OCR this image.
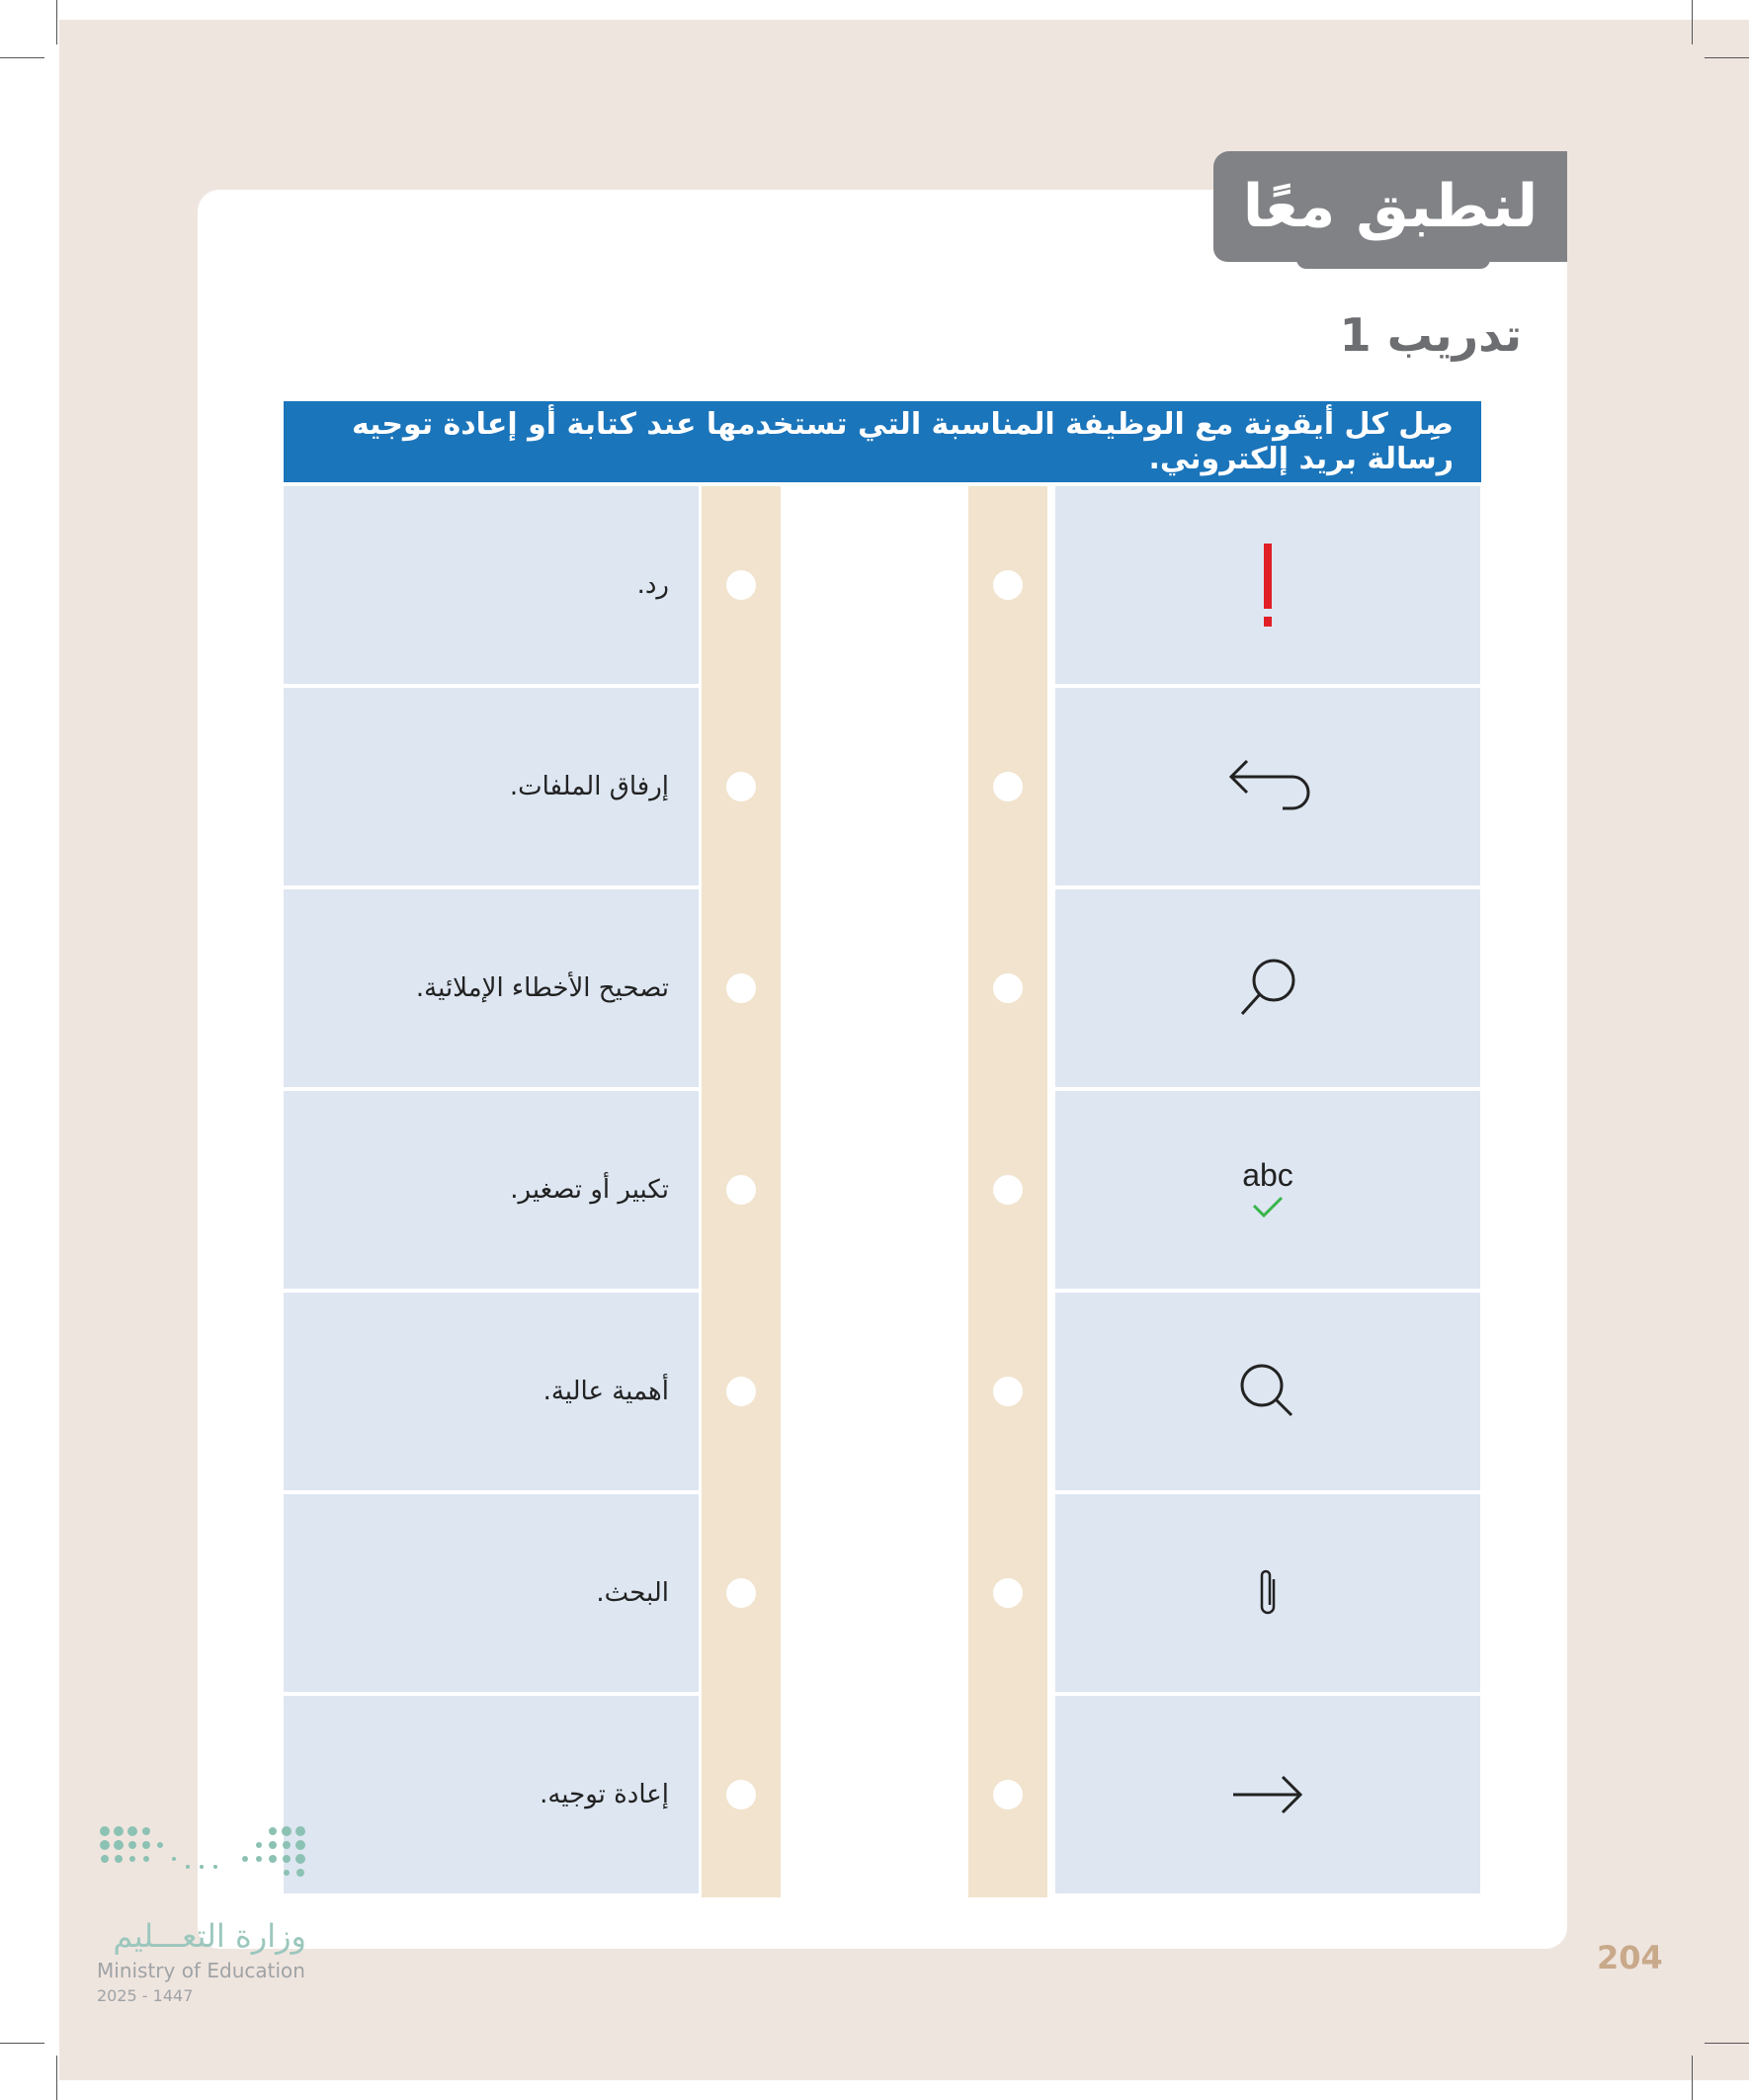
لنطبق معًا
تدريب 1
صِل كل أيقونة مع الوظيفة المناسبة التي تستخدمها عند كتابة أو إعادة توجيه رسالة بريد إلكتروني.
abc
رد.
إرفاق الملفات.
تصحيح الأخطاء الإملائية.
تكبير أو تصغير.
أهمية عالية.
البحث.
إعادة توجيه.
وزارة التعـــليم
Ministry of Education
2025 - 1447
204
